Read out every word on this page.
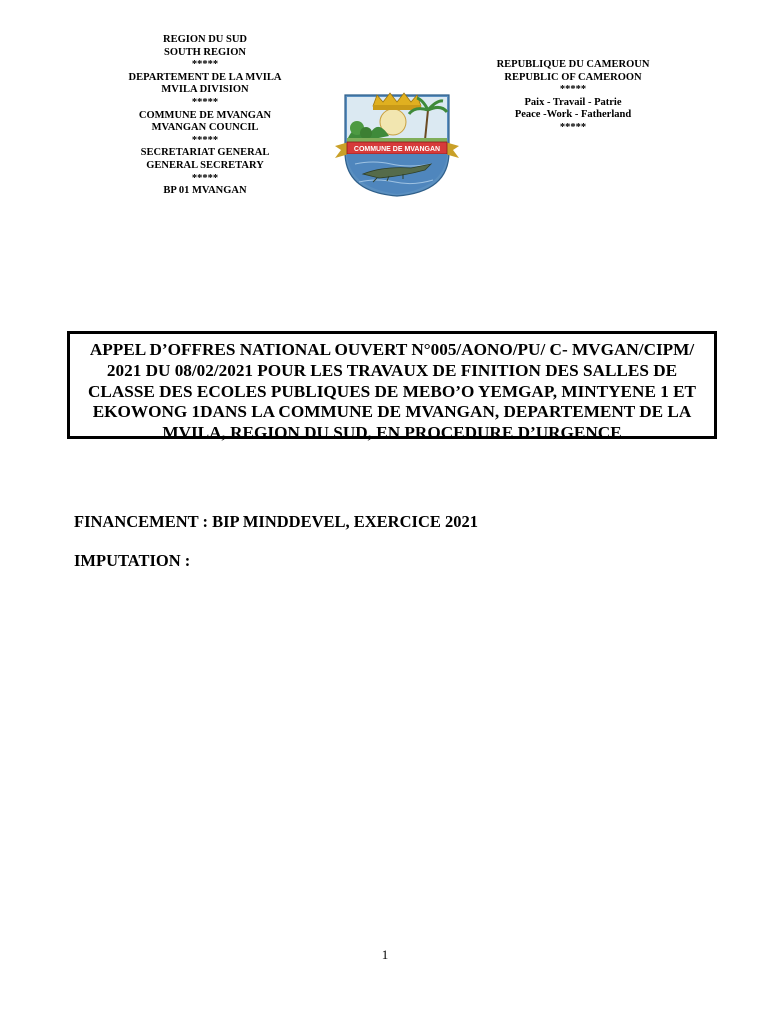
REGION DU SUD
SOUTH REGION
*****
DEPARTEMENT DE LA MVILA
MVILA DIVISION
*****
COMMUNE DE MVANGAN
MVANGAN COUNCIL
*****
SECRETARIAT GENERAL
GENERAL SECRETARY
*****
BP 01 MVANGAN
REPUBLIQUE DU CAMEROUN
REPUBLIC OF CAMEROON
*****
Paix - Travail - Patrie
Peace -Work - Fatherland
*****
COMMUNE DE MVANGAN
APPEL D’OFFRES NATIONAL OUVERT N°005/AONO/PU/ C- MVGAN/CIPM/ 2021 DU 08/02/2021 POUR LES TRAVAUX DE FINITION DES SALLES DE CLASSE DES ECOLES PUBLIQUES DE MEBO’O YEMGAP, MINTYENE 1 ET EKOWONG 1DANS LA COMMUNE DE MVANGAN, DEPARTEMENT DE LA MVILA, REGION DU SUD, EN PROCEDURE D’URGENCE
FINANCEMENT : BIP MINDDEVEL, EXERCICE 2021
IMPUTATION :
1
